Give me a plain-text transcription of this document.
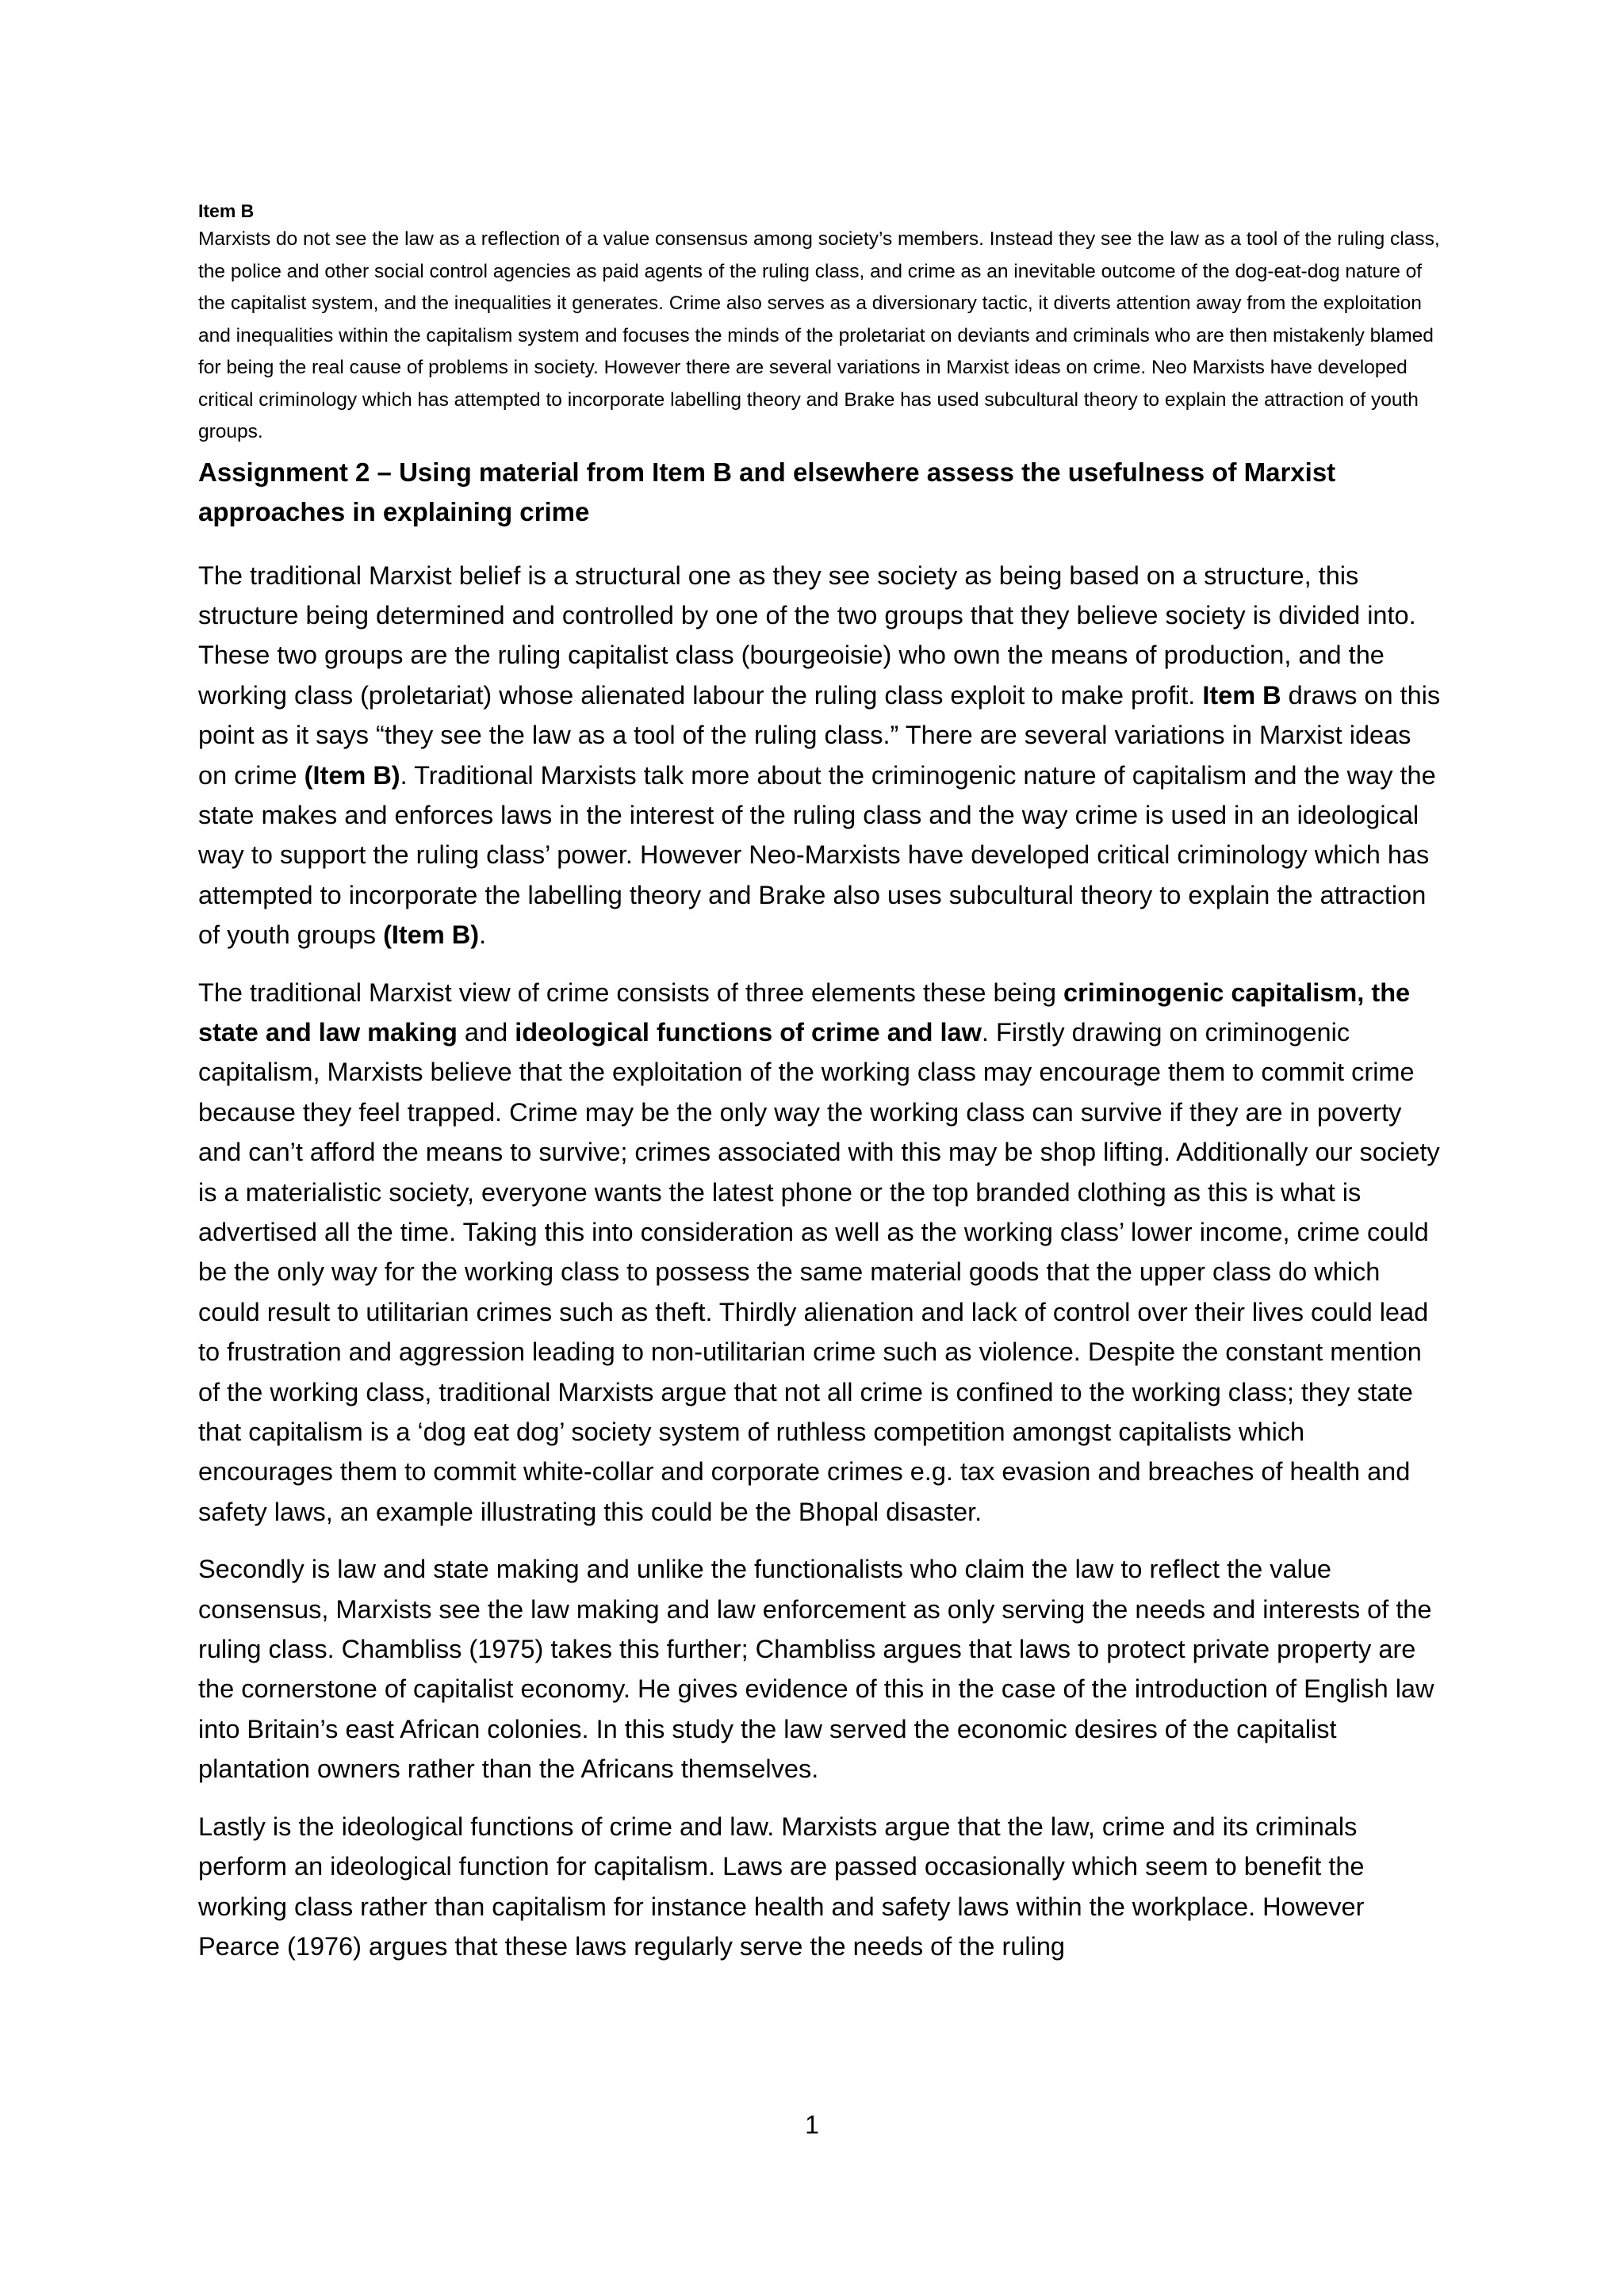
Item B

Marxists do not see the law as a reflection of a value consensus among society’s members. Instead they see the law as a tool of the ruling class, the police and other social control agencies as paid agents of the ruling class, and crime as an inevitable outcome of the dog-eat-dog nature of the capitalist system, and the inequalities it generates. Crime also serves as a diversionary tactic, it diverts attention away from the exploitation and inequalities within the capitalism system and focuses the minds of the proletariat on deviants and criminals who are then mistakenly blamed for being the real cause of problems in society. However there are several variations in Marxist ideas on crime. Neo Marxists have developed critical criminology which has attempted to incorporate labelling theory and Brake has used subcultural theory to explain the attraction of youth groups.

Assignment 2 – Using material from Item B and elsewhere assess the usefulness of Marxist approaches in explaining crime

The traditional Marxist belief is a structural one as they see society as being based on a structure, this structure being determined and controlled by one of the two groups that they believe society is divided into. These two groups are the ruling capitalist class (bourgeoisie) who own the means of production, and the working class (proletariat) whose alienated labour the ruling class exploit to make profit. Item B draws on this point as it says “they see the law as a tool of the ruling class.” There are several variations in Marxist ideas on crime (Item B). Traditional Marxists talk more about the criminogenic nature of capitalism and the way the state makes and enforces laws in the interest of the ruling class and the way crime is used in an ideological way to support the ruling class’ power. However Neo-Marxists have developed critical criminology which has attempted to incorporate the labelling theory and Brake also uses subcultural theory to explain the attraction of youth groups (Item B).

The traditional Marxist view of crime consists of three elements these being criminogenic capitalism, the state and law making and ideological functions of crime and law. Firstly drawing on criminogenic capitalism, Marxists believe that the exploitation of the working class may encourage them to commit crime because they feel trapped. Crime may be the only way the working class can survive if they are in poverty and can’t afford the means to survive; crimes associated with this may be shop lifting. Additionally our society is a materialistic society, everyone wants the latest phone or the top branded clothing as this is what is advertised all the time. Taking this into consideration as well as the working class’ lower income, crime could be the only way for the working class to possess the same material goods that the upper class do which could result to utilitarian crimes such as theft. Thirdly alienation and lack of control over their lives could lead to frustration and aggression leading to non-utilitarian crime such as violence. Despite the constant mention of the working class, traditional Marxists argue that not all crime is confined to the working class; they state that capitalism is a ‘dog eat dog’ society system of ruthless competition amongst capitalists which encourages them to commit white-collar and corporate crimes e.g. tax evasion and breaches of health and safety laws, an example illustrating this could be the Bhopal disaster.

Secondly is law and state making and unlike the functionalists who claim the law to reflect the value consensus, Marxists see the law making and law enforcement as only serving the needs and interests of the ruling class. Chambliss (1975) takes this further; Chambliss argues that laws to protect private property are the cornerstone of capitalist economy. He gives evidence of this in the case of the introduction of English law into Britain’s east African colonies. In this study the law served the economic desires of the capitalist plantation owners rather than the Africans themselves.

Lastly is the ideological functions of crime and law. Marxists argue that the law, crime and its criminals perform an ideological function for capitalism. Laws are passed occasionally which seem to benefit the working class rather than capitalism for instance health and safety laws within the workplace. However Pearce (1976) argues that these laws regularly serve the needs of the ruling

1
